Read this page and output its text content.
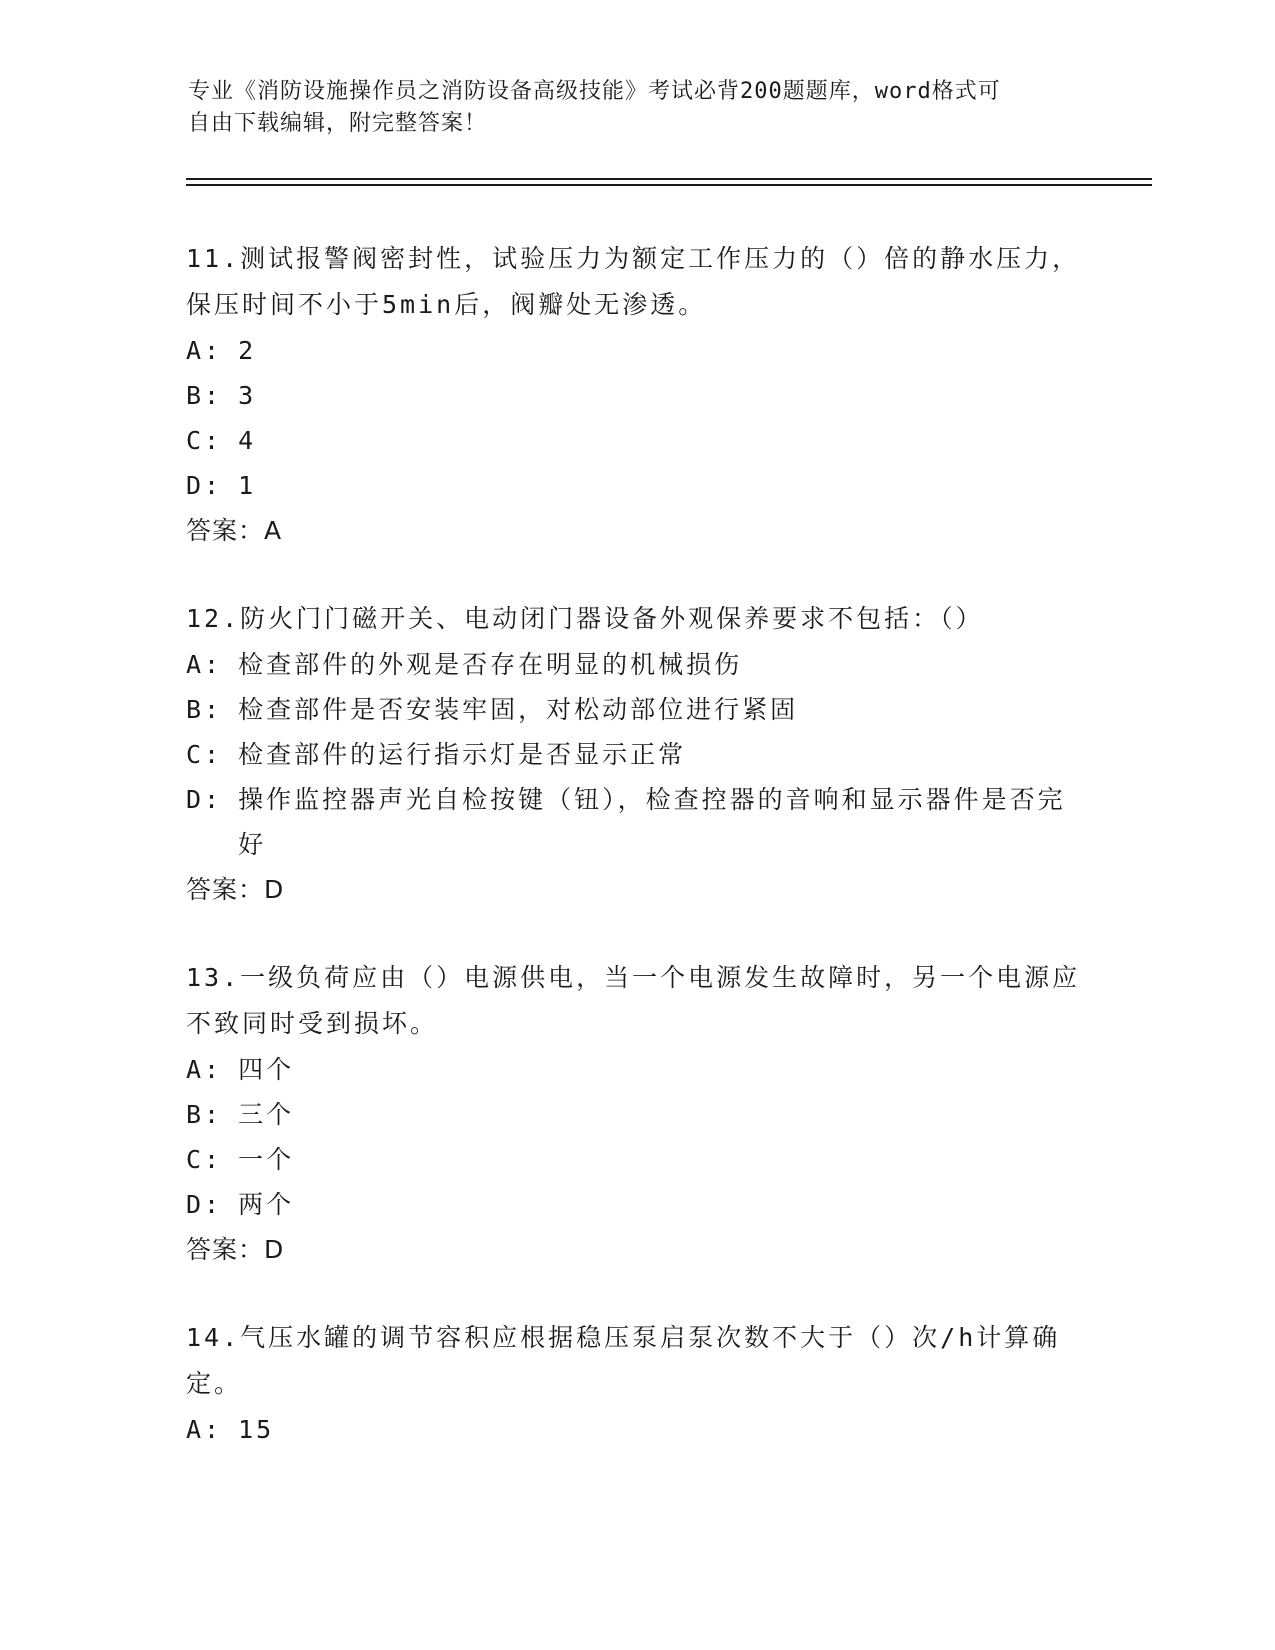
专业《消防设施操作员之消防设备高级技能》考试必背200题题库，word格式可
自由下载编辑，附完整答案！
11.测试报警阀密封性，试验压力为额定工作压力的（）倍的静水压力，保压时间不小于5min后，阀瓣处无渗透。
A: 2
B: 3
C: 4
D: 1
答案：A
12.防火门门磁开关、电动闭门器设备外观保养要求不包括：（）
A: 检查部件的外观是否存在明显的机械损伤
B: 检查部件是否安装牢固，对松动部位进行紧固
C: 检查部件的运行指示灯是否显示正常
D: 操作监控器声光自检按键（钮），检查控器的音响和显示器件是否完好
答案：D
13.一级负荷应由（）电源供电，当一个电源发生故障时，另一个电源应不致同时受到损坏。
A: 四个
B: 三个
C: 一个
D: 两个
答案：D
14.气压水罐的调节容积应根据稳压泵启泵次数不大于（）次/h计算确定。
A: 15
